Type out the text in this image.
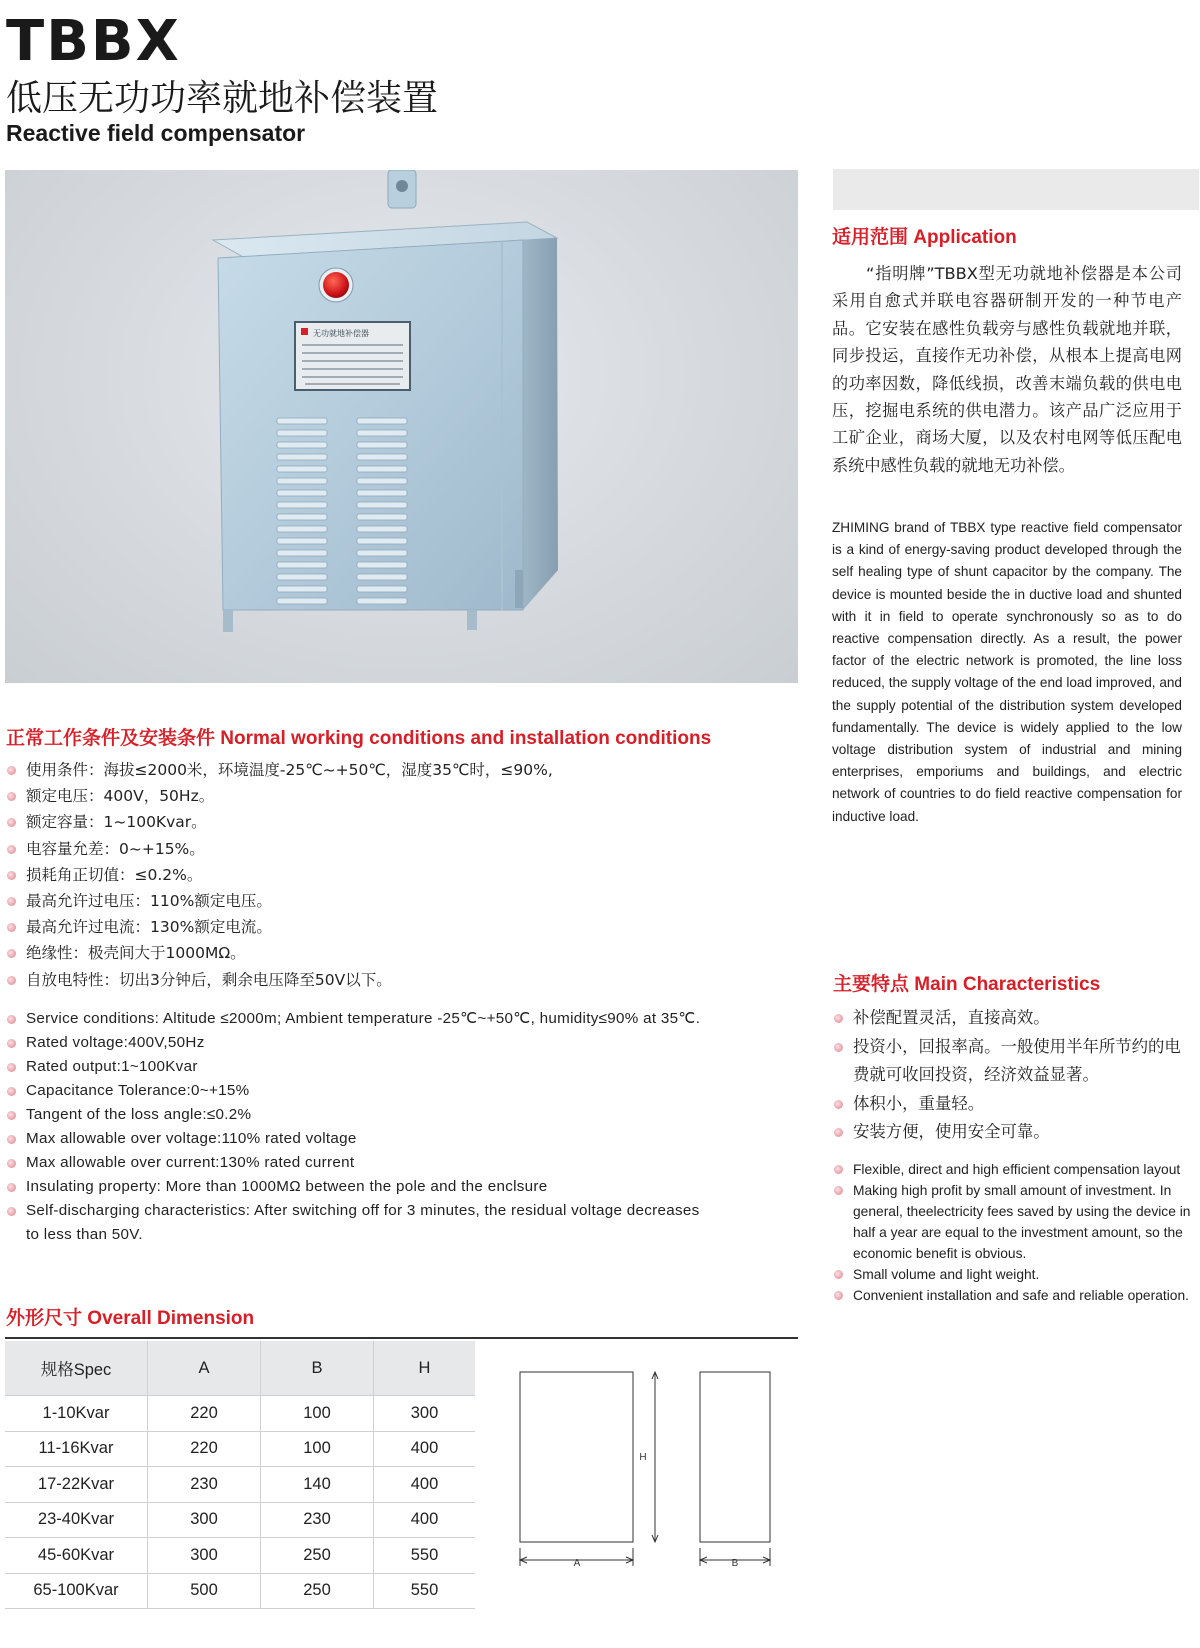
TBBX
低压无功功率就地补偿装置
Reactive field compensator
无功就地补偿器
适用范围 Application
“指明牌”TBBX型无功就地补偿器是本公司采用自愈式并联电容器研制开发的一种节电产品。它安装在感性负载旁与感性负载就地并联，同步投运，直接作无功补偿，从根本上提高电网的功率因数，降低线损，改善末端负载的供电电压，挖掘电系统的供电潜力。该产品广泛应用于工矿企业，商场大厦，以及农村电网等低压配电系统中感性负载的就地无功补偿。
ZHIMING brand of TBBX type reactive field compensator is a kind of energy-saving product developed through the self healing type of shunt capacitor by the company. The device is mounted beside the in ductive load and shunted with it in field to operate synchronously so as to do reactive compensation directly. As a result, the power factor of the electric network is promoted, the line loss reduced, the supply voltage of the end load improved, and the supply potential of the distribution system developed fundamentally. The device is widely applied to the low voltage distribution system of industrial and mining enterprises, emporiums and buildings, and electric network of countries to do field reactive compensation for inductive load.
正常工作条件及安装条件 Normal working conditions and installation conditions
使用条件：海拔≤2000米，环境温度-25℃~+50℃，湿度35℃时，≤90%,
额定电压：400V，50Hz。
额定容量：1~100Kvar。
电容量允差：0~+15%。
损耗角正切值：≤0.2%。
最高允许过电压：110%额定电压。
最高允许过电流：130%额定电流。
绝缘性：极壳间大于1000MΩ。
自放电特性：切出3分钟后，剩余电压降至50V以下。
Service conditions: Altitude ≤2000m; Ambient temperature -25℃~+50℃, humidity≤90% at 35℃.
Rated voltage:400V,50Hz
Rated output:1~100Kvar
Capacitance Tolerance:0~+15%
Tangent of the loss angle:≤0.2%
Max allowable over voltage:110% rated voltage
Max allowable over current:130% rated current
Insulating property: More than 1000MΩ between the pole and the enclsure
Self-discharging characteristics: After switching off for 3 minutes, the residual voltage decreases to less than 50V.
主要特点 Main Characteristics
补偿配置灵活，直接高效。
投资小，回报率高。一般使用半年所节约的电费就可收回投资，经济效益显著。
体积小，重量轻。
安装方便，使用安全可靠。
Flexible, direct and high efficient compensation layout
Making high profit by small amount of investment. In general, theelectricity fees saved by using the device in half a year are equal to the investment amount, so the economic benefit is obvious.
Small volume and light weight.
Convenient installation and safe and reliable operation.
外形尺寸 Overall Dimension
规格Spec	A	B	H
1-10Kvar	220	100	300
11-16Kvar	220	100	400
17-22Kvar	230	140	400
23-40Kvar	300	230	400
45-60Kvar	300	250	550
65-100Kvar	500	250	550
H
A	B
